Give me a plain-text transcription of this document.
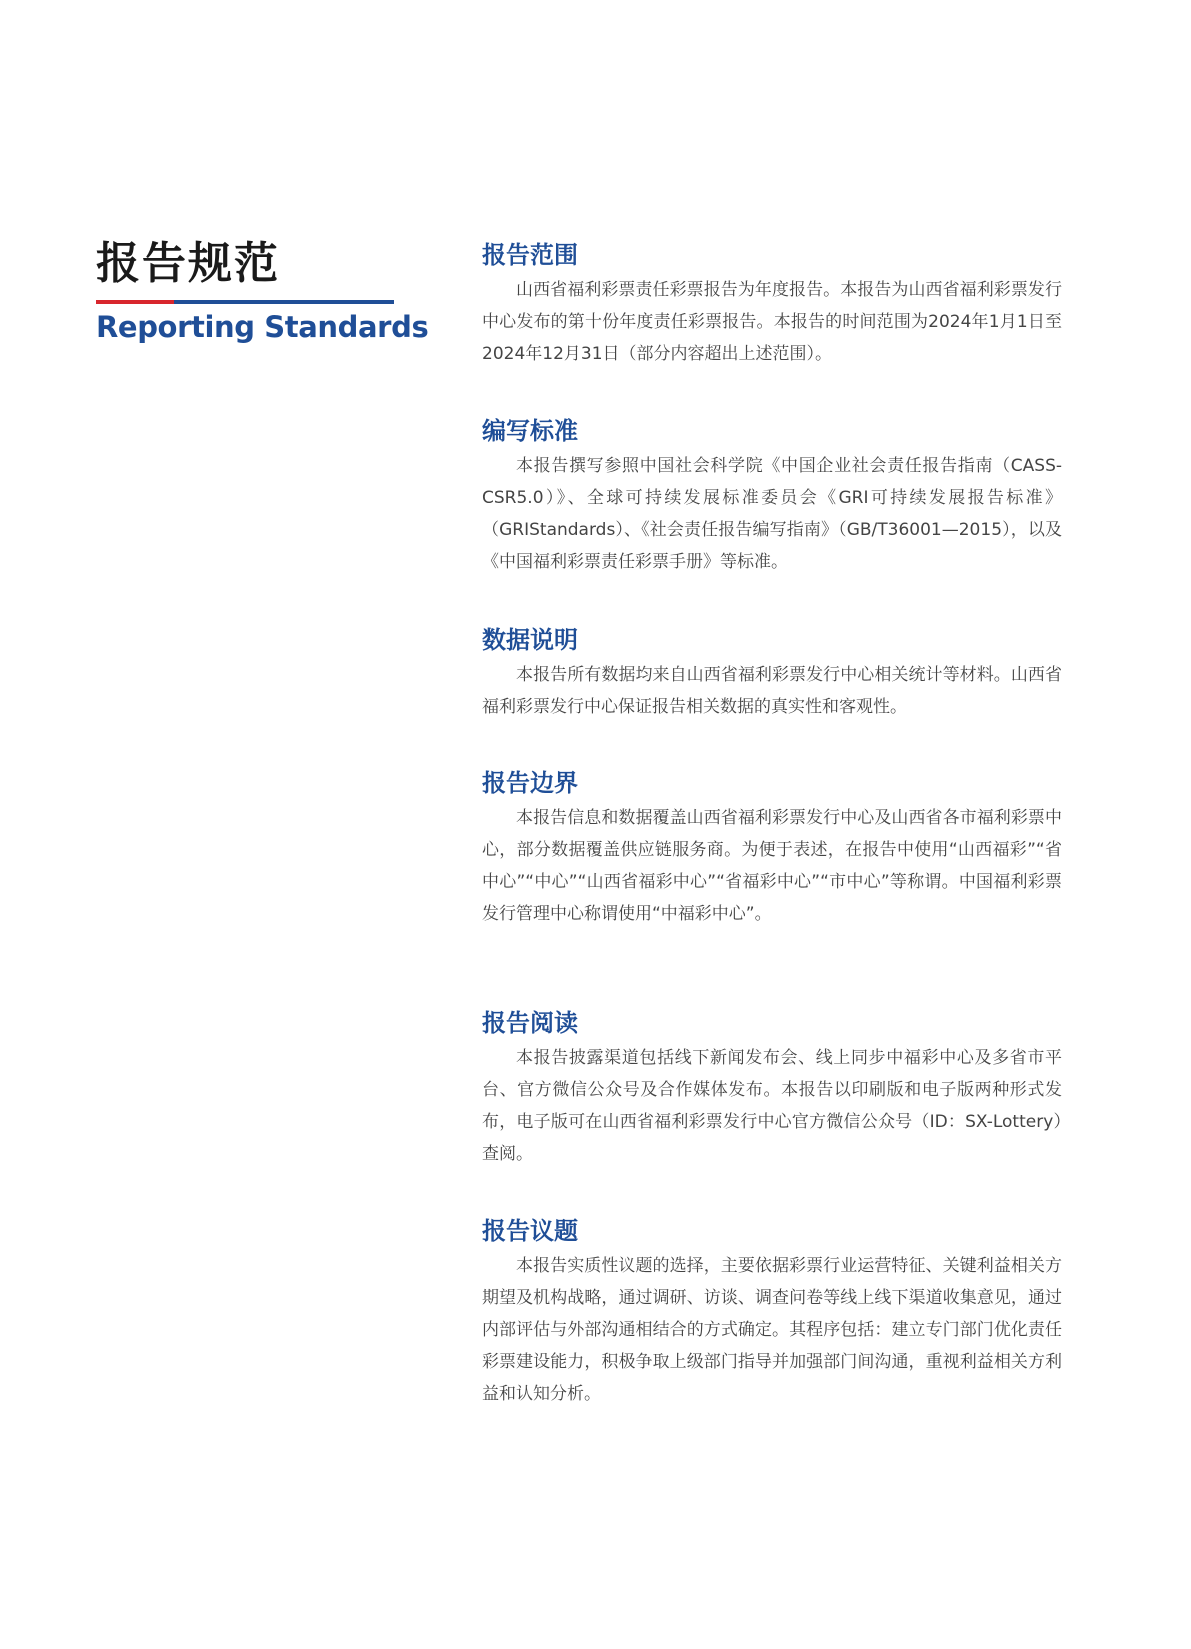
报告规范
Reporting Standards
报告范围

山西省福利彩票责任彩票报告为年度报告。本报告为山西省福利彩票发行中心发布的第十份年度责任彩票报告。本报告的时间范围为2024年1月1日至2024年12月31日（部分内容超出上述范围）。

编写标准

本报告撰写参照中国社会科学院《中国企业社会责任报告指南（CASS-CSR5.0）》、全球可持续发展标准委员会《GRI可持续发展报告标准》（GRIStandards）、《社会责任报告编写指南》（GB/T36001—2015），以及《中国福利彩票责任彩票手册》等标准。

数据说明

本报告所有数据均来自山西省福利彩票发行中心相关统计等材料。山西省福利彩票发行中心保证报告相关数据的真实性和客观性。

报告边界

本报告信息和数据覆盖山西省福利彩票发行中心及山西省各市福利彩票中心，部分数据覆盖供应链服务商。为便于表述，在报告中使用“山西福彩”“省中心”“中心”“山西省福彩中心”“省福彩中心”“市中心”等称谓。中国福利彩票发行管理中心称谓使用“中福彩中心”。

报告阅读

本报告披露渠道包括线下新闻发布会、线上同步中福彩中心及多省市平台、官方微信公众号及合作媒体发布。本报告以印刷版和电子版两种形式发布，电子版可在山西省福利彩票发行中心官方微信公众号（ID：SX-Lottery）查阅。

报告议题

本报告实质性议题的选择，主要依据彩票行业运营特征、关键利益相关方期望及机构战略，通过调研、访谈、调查问卷等线上线下渠道收集意见，通过内部评估与外部沟通相结合的方式确定。其程序包括：建立专门部门优化责任彩票建设能力，积极争取上级部门指导并加强部门间沟通，重视利益相关方利益和认知分析。
